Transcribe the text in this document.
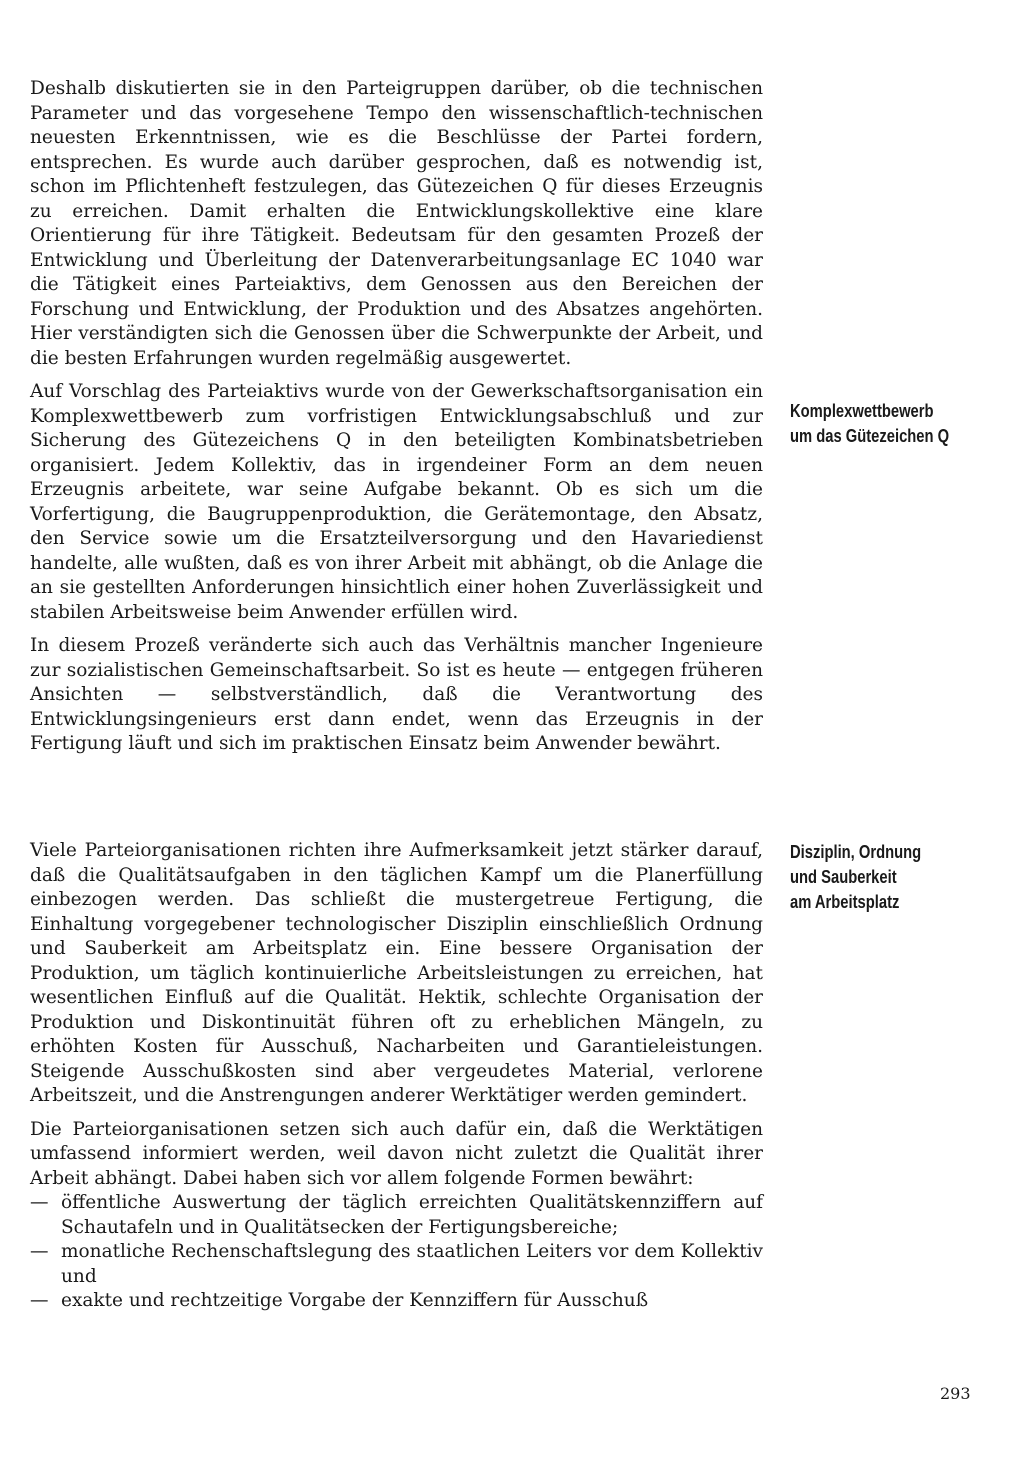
Deshalb diskutierten sie in den Parteigruppen darüber, ob die technischen Parameter und das vorgesehene Tempo den wissenschaftlich-technischen neuesten Erkenntnissen, wie es die Beschlüsse der Partei fordern, entsprechen. Es wurde auch darüber gesprochen, daß es notwendig ist, schon im Pflichtenheft festzulegen, das Gütezeichen Q für dieses Erzeugnis zu erreichen. Damit erhalten die Entwicklungskollektive eine klare Orientierung für ihre Tätigkeit. Bedeutsam für den gesamten Prozeß der Entwicklung und Überleitung der Datenverarbeitungsanlage EC 1040 war die Tätigkeit eines Parteiaktivs, dem Genossen aus den Bereichen der Forschung und Entwicklung, der Produktion und des Absatzes angehörten. Hier verständigten sich die Genossen über die Schwerpunkte der Arbeit, und die besten Erfahrungen wurden regelmäßig ausgewertet.

Auf Vorschlag des Parteiaktivs wurde von der Gewerkschaftsorganisation ein Komplexwettbewerb zum vorfristigen Entwicklungsabschluß und zur Sicherung des Gütezeichens Q in den beteiligten Kombinatsbetrieben organisiert. Jedem Kollektiv, das in irgendeiner Form an dem neuen Erzeugnis arbeitete, war seine Aufgabe bekannt. Ob es sich um die Vorfertigung, die Baugruppenproduktion, die Gerätemontage, den Absatz, den Service sowie um die Ersatzteilversorgung und den Havariedienst handelte, alle wußten, daß es von ihrer Arbeit mit abhängt, ob die Anlage die an sie gestellten Anforderungen hinsichtlich einer hohen Zuverlässigkeit und stabilen Arbeitsweise beim Anwender erfüllen wird.

In diesem Prozeß veränderte sich auch das Verhältnis mancher Ingenieure zur sozialistischen Gemeinschaftsarbeit. So ist es heute — entgegen früheren Ansichten — selbstverständlich, daß die Verantwortung des Entwicklungsingenieurs erst dann endet, wenn das Erzeugnis in der Fertigung läuft und sich im praktischen Einsatz beim Anwender bewährt.

Viele Parteiorganisationen richten ihre Aufmerksamkeit jetzt stärker darauf, daß die Qualitätsaufgaben in den täglichen Kampf um die Planerfüllung einbezogen werden. Das schließt die mustergetreue Fertigung, die Einhaltung vorgegebener technologischer Disziplin einschließlich Ordnung und Sauberkeit am Arbeitsplatz ein. Eine bessere Organisation der Produktion, um täglich kontinuierliche Arbeitsleistungen zu erreichen, hat wesentlichen Einfluß auf die Qualität. Hektik, schlechte Organisation der Produktion und Diskontinuität führen oft zu erheblichen Mängeln, zu erhöhten Kosten für Ausschuß, Nacharbeiten und Garantieleistungen. Steigende Ausschußkosten sind aber vergeudetes Material, verlorene Arbeitszeit, und die Anstrengungen anderer Werktätiger werden gemindert.

Die Parteiorganisationen setzen sich auch dafür ein, daß die Werktätigen umfassend informiert werden, weil davon nicht zuletzt die Qualität ihrer Arbeit abhängt. Dabei haben sich vor allem folgende Formen bewährt:

— öffentliche Auswertung der täglich erreichten Qualitätskennziffern auf Schautafeln und in Qualitätsecken der Fertigungsbereiche;
— monatliche Rechenschaftslegung des staatlichen Leiters vor dem Kollektiv und
— exakte und rechtzeitige Vorgabe der Kennziffern für Ausschuß
Komplexwettbewerb
um das Gütezeichen Q
Disziplin, Ordnung
und Sauberkeit
am Arbeitsplatz
293
